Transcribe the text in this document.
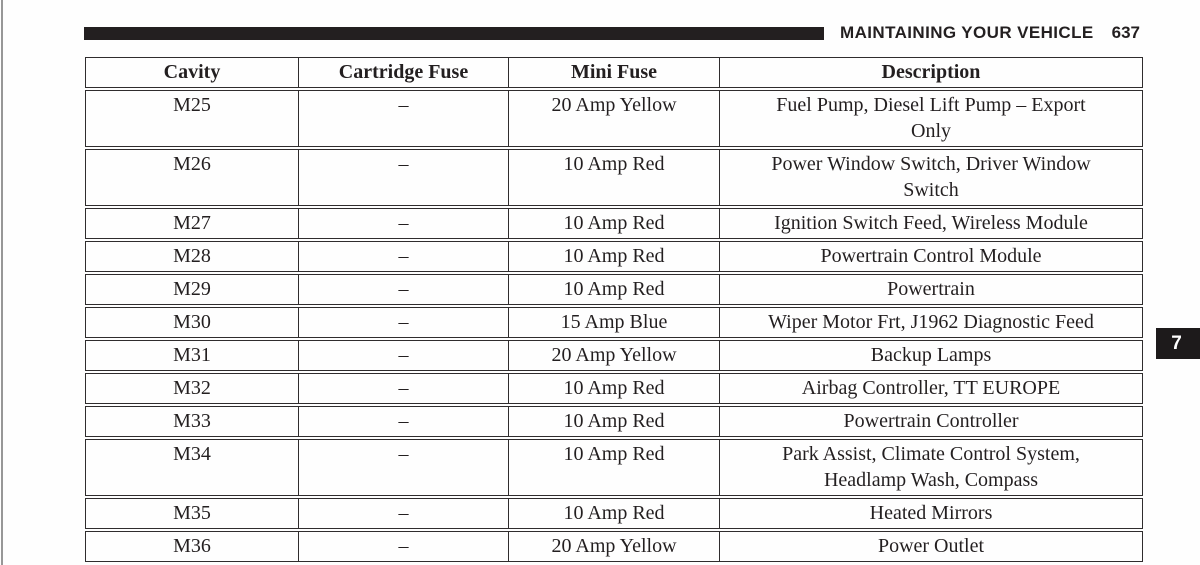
MAINTAINING YOUR VEHICLE 637
7
Cavity	Cartridge Fuse	Mini Fuse	Description
M25	–	20 Amp Yellow	Fuel Pump, Diesel Lift Pump – Export Only
M26	–	10 Amp Red	Power Window Switch, Driver Window Switch
M27	–	10 Amp Red	Ignition Switch Feed, Wireless Module
M28	–	10 Amp Red	Powertrain Control Module
M29	–	10 Amp Red	Powertrain
M30	–	15 Amp Blue	Wiper Motor Frt, J1962 Diagnostic Feed
M31	–	20 Amp Yellow	Backup Lamps
M32	–	10 Amp Red	Airbag Controller, TT EUROPE
M33	–	10 Amp Red	Powertrain Controller
M34	–	10 Amp Red	Park Assist, Climate Control System, Headlamp Wash, Compass
M35	–	10 Amp Red	Heated Mirrors
M36	–	20 Amp Yellow	Power Outlet
